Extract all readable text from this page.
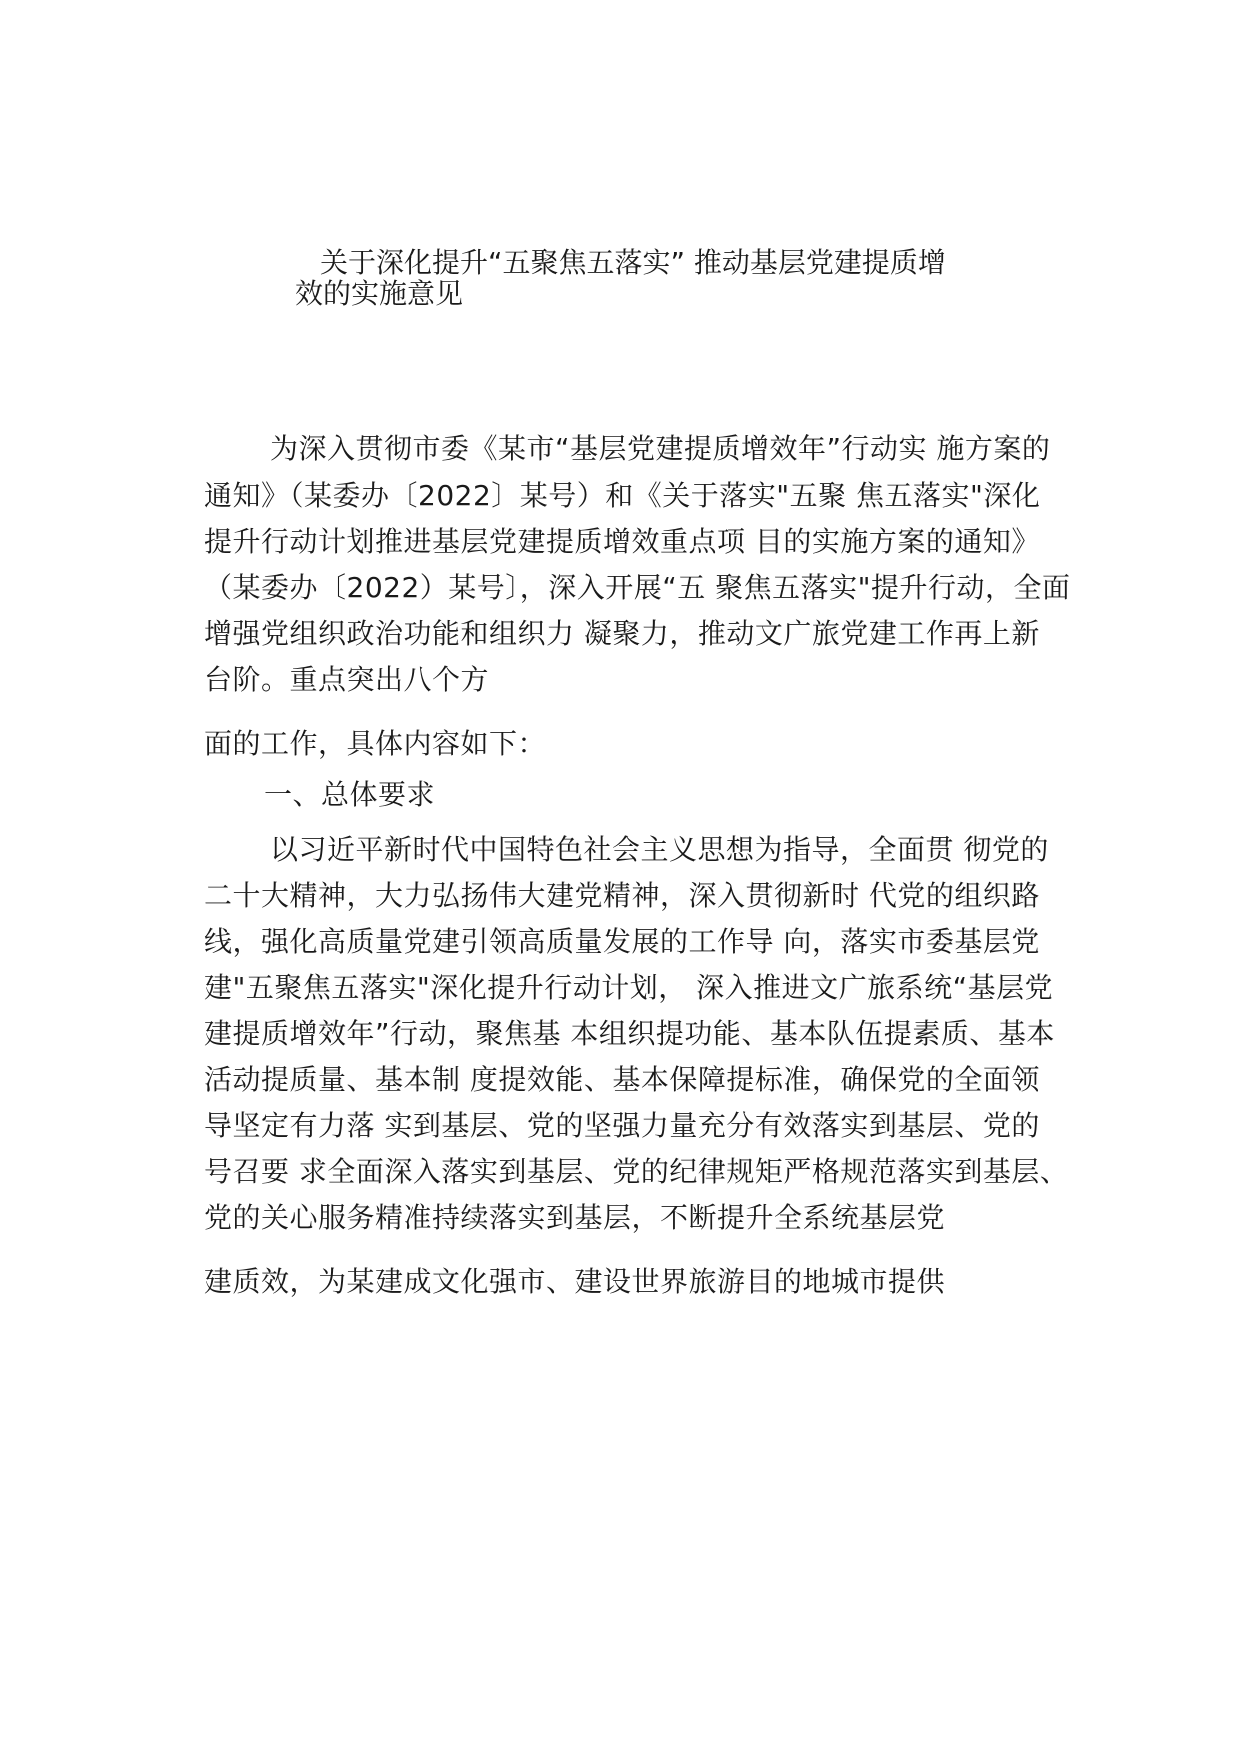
关于深化提升“五聚焦五落实” 推动基层党建提质增
效的实施意见

为深入贯彻市委《某市“基层党建提质增效年”行动实 施方案的

通知》（某委办〔2022〕某号）和《关于落实"五聚 焦五落实"深化

提升行动计划推进基层党建提质增效重点项 目的实施方案的通知》

（某委办〔2022）某号〕，深入开展“五 聚焦五落实"提升行动，全面

增强党组织政治功能和组织力 凝聚力，推动文广旅党建工作再上新

台阶。重点突出八个方

面的工作，具体内容如下：

一、总体要求

以习近平新时代中国特色社会主义思想为指导，全面贯 彻党的

二十大精神，大力弘扬伟大建党精神，深入贯彻新时 代党的组织路

线，强化高质量党建引领高质量发展的工作导 向，落实市委基层党

建"五聚焦五落实"深化提升行动计划， 深入推进文广旅系统“基层党

建提质增效年”行动，聚焦基 本组织提功能、基本队伍提素质、基本

活动提质量、基本制 度提效能、基本保障提标准，确保党的全面领

导坚定有力落 实到基层、党的坚强力量充分有效落实到基层、党的

号召要 求全面深入落实到基层、党的纪律规矩严格规范落实到基层、

党的关心服务精准持续落实到基层，不断提升全系统基层党

建质效，为某建成文化强市、建设世界旅游目的地城市提供
